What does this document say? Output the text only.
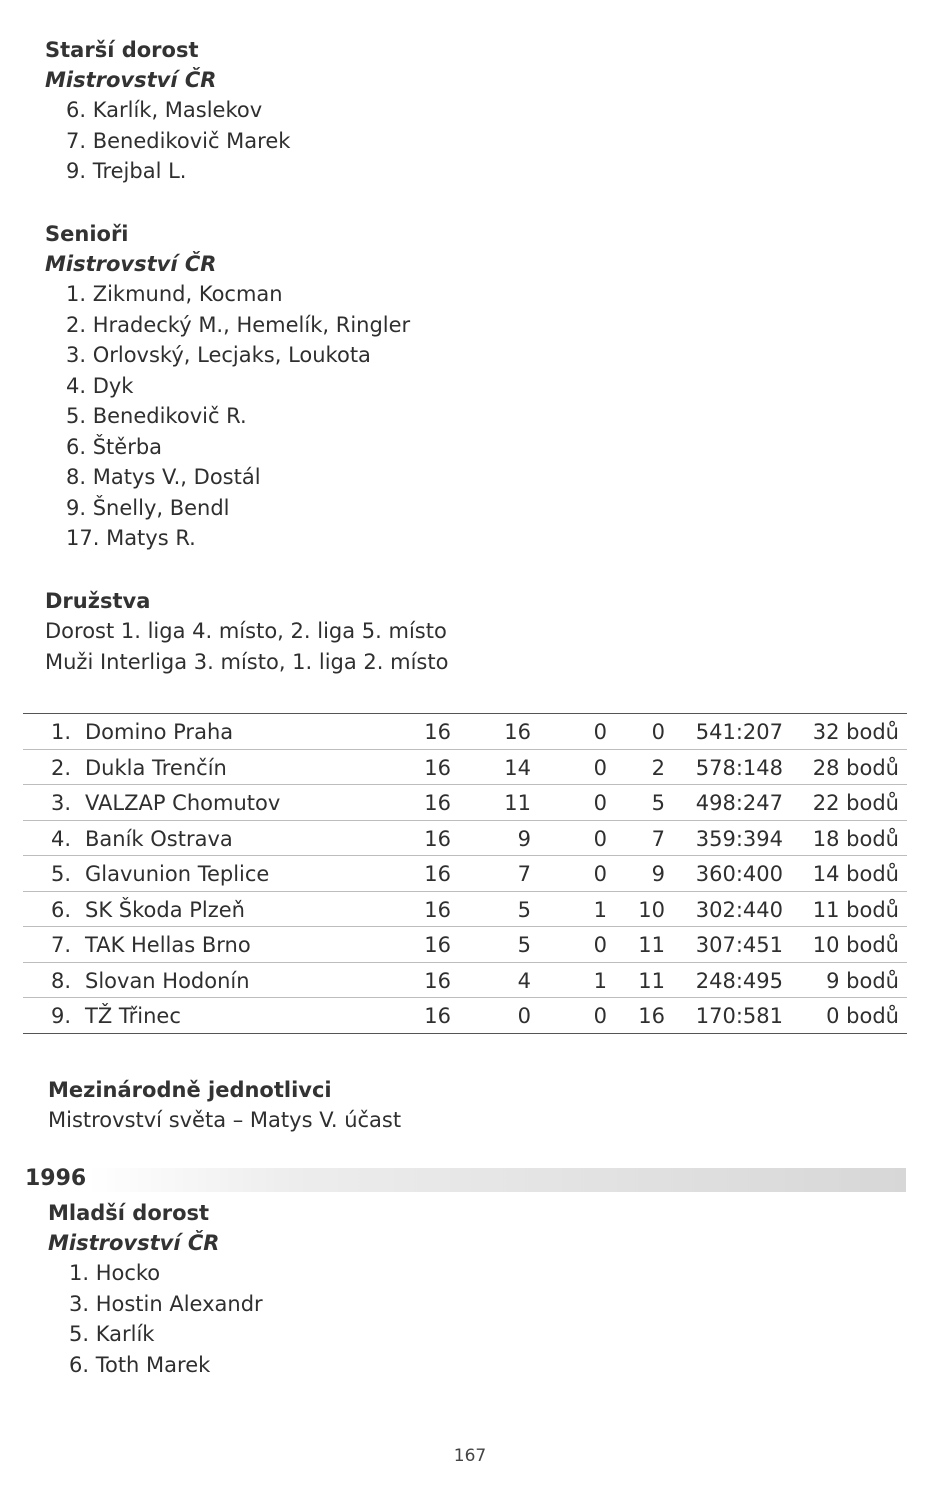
Starší dorost
Mistrovství ČR
6. Karlík, Maslekov
7. Benedikovič Marek
9. Trejbal L.
Senioři
Mistrovství ČR
1. Zikmund, Kocman
2. Hradecký M., Hemelík, Ringler
3. Orlovský, Lecjaks, Loukota
4. Dyk
5. Benedikovič R.
6. Štěrba
8. Matys V., Dostál
9. Šnelly, Bendl
17. Matys R.
Družstva
Dorost 1. liga 4. místo, 2. liga 5. místo
Muži Interliga 3. místo, 1. liga 2. místo
1. Domino Praha	16	16	0	0	541:207	32 bodů
2. Dukla Trenčín	16	14	0	2	578:148	28 bodů
3. VALZAP Chomutov	16	11	0	5	498:247	22 bodů
4. Baník Ostrava	16	9	0	7	359:394	18 bodů
5. Glavunion Teplice	16	7	0	9	360:400	14 bodů
6. SK Škoda Plzeň	16	5	1	10	302:440	11 bodů
7. TAK Hellas Brno	16	5	0	11	307:451	10 bodů
8. Slovan Hodonín	16	4	1	11	248:495	9 bodů
9. TŽ Třinec	16	0	0	16	170:581	0 bodů
Mezinárodně jednotlivci
Mistrovství světa – Matys V. účast
1996
Mladší dorost
Mistrovství ČR
1. Hocko
3. Hostin Alexandr
5. Karlík
6. Toth Marek
167
